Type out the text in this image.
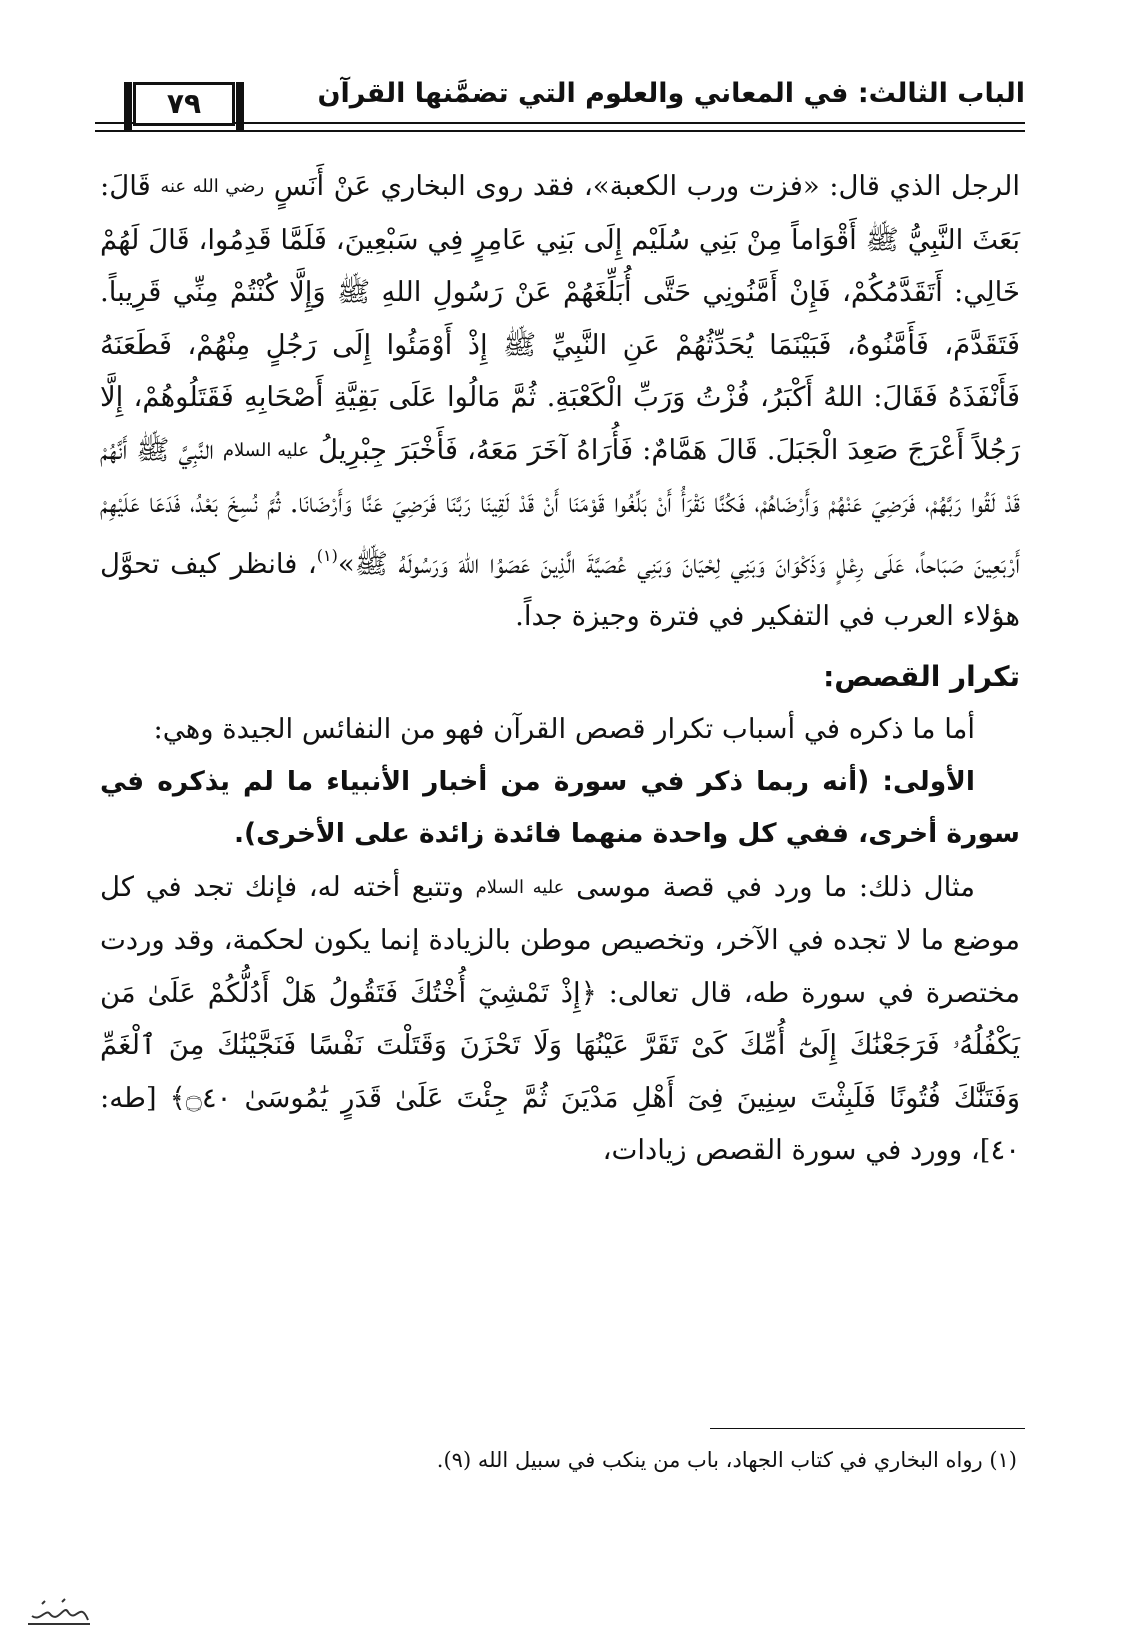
الباب الثالث: في المعاني والعلوم التي تضمَّنها القرآن
٧٩

الرجل الذي قال: «فزت ورب الكعبة»، فقد روى البخاري عَنْ أَنَسٍ رضي الله عنه قَالَ: بَعَثَ النَّبِيُّ ﷺ أَقْوَاماً مِنْ بَنِي سُلَيْم إِلَى بَنِي عَامِرٍ فِي سَبْعِينَ، فَلَمَّا قَدِمُوا، قَالَ لَهُمْ خَالِي: أَتَقَدَّمُكُمْ، فَإِنْ أَمَّنُونِي حَتَّى أُبَلِّغَهُمْ عَنْ رَسُولِ اللهِ ﷺ وَإِلَّا كُنْتُمْ مِنِّي قَرِيباً. فَتَقَدَّمَ، فَأَمَّنُوهُ، فَبَيْنَمَا يُحَدِّثُهُمْ عَنِ النَّبِيِّ ﷺ إِذْ أَوْمَئُوا إِلَى رَجُلٍ مِنْهُمْ، فَطَعَنَهُ فَأَنْفَذَهُ فَقَالَ: اللهُ أَكْبَرُ، فُزْتُ وَرَبِّ الْكَعْبَةِ. ثُمَّ مَالُوا عَلَى بَقِيَّةِ أَصْحَابِهِ فَقَتَلُوهُمْ، إِلَّا رَجُلاً أَعْرَجَ صَعِدَ الْجَبَلَ. قَالَ هَمَّامٌ: فَأُرَاهُ آخَرَ مَعَهُ، فَأَخْبَرَ جِبْرِيلُ عليه السلام النَّبِيَّ ﷺ أَنَّهُمْ قَدْ لَقُوا رَبَّهُمْ، فَرَضِيَ عَنْهُمْ وَأَرْضَاهُمْ، فَكُنَّا نَقْرَأُ أَنْ بَلِّغُوا قَوْمَنَا أَنْ قَدْ لَقِينَا رَبَّنَا فَرَضِيَ عَنَّا وَأَرْضَانَا. ثُمَّ نُسِخَ بَعْدُ، فَدَعَا عَلَيْهِمْ أَرْبَعِينَ صَبَاحاً، عَلَى رِعْلٍ وَذَكْوَانَ وَبَنِي لِحْيَانَ وَبَنِي عُصَيَّةَ الَّذِينَ عَصَوُا اللهَ وَرَسُولَهُ ﷺ»$^{(١)}$، فانظر كيف تحوَّل هؤلاء العرب في التفكير في فترة وجيزة جداً.

تكرار القصص:

أما ما ذكره في أسباب تكرار قصص القرآن فهو من النفائس الجيدة وهي:

الأولى: (أنه ربما ذكر في سورة من أخبار الأنبياء ما لم يذكره في سورة أخرى، ففي كل واحدة منهما فائدة زائدة على الأخرى).

مثال ذلك: ما ورد في قصة موسى عليه السلام وتتبع أخته له، فإنك تجد في كل موضع ما لا تجده في الآخر، وتخصيص موطن بالزيادة إنما يكون لحكمة، وقد وردت مختصرة في سورة طه، قال تعالى: ﴿إِذْ تَمْشِيٓ أُخْتُكَ فَتَقُولُ هَلْ أَدُلُّكُمْ عَلَىٰ مَن يَكْفُلُهُۥ فَرَجَعْنَٰكَ إِلَىٰٓ أُمِّكَ كَىْ تَقَرَّ عَيْنُهَا وَلَا تَحْزَنَ وَقَتَلْتَ نَفْسًا فَنَجَّيْنَٰكَ مِنَ ٱلْغَمِّ وَفَتَنَّٰكَ فُتُونًا فَلَبِثْتَ سِنِينَ فِىٓ أَهْلِ مَدْيَنَ ثُمَّ جِئْتَ عَلَىٰ قَدَرٍ يَٰمُوسَىٰ ۝٤٠﴾ [طه: ٤٠]، وورد في سورة القصص زيادات،

(١) رواه البخاري في كتاب الجهاد، باب من ينكب في سبيل الله (٩).
